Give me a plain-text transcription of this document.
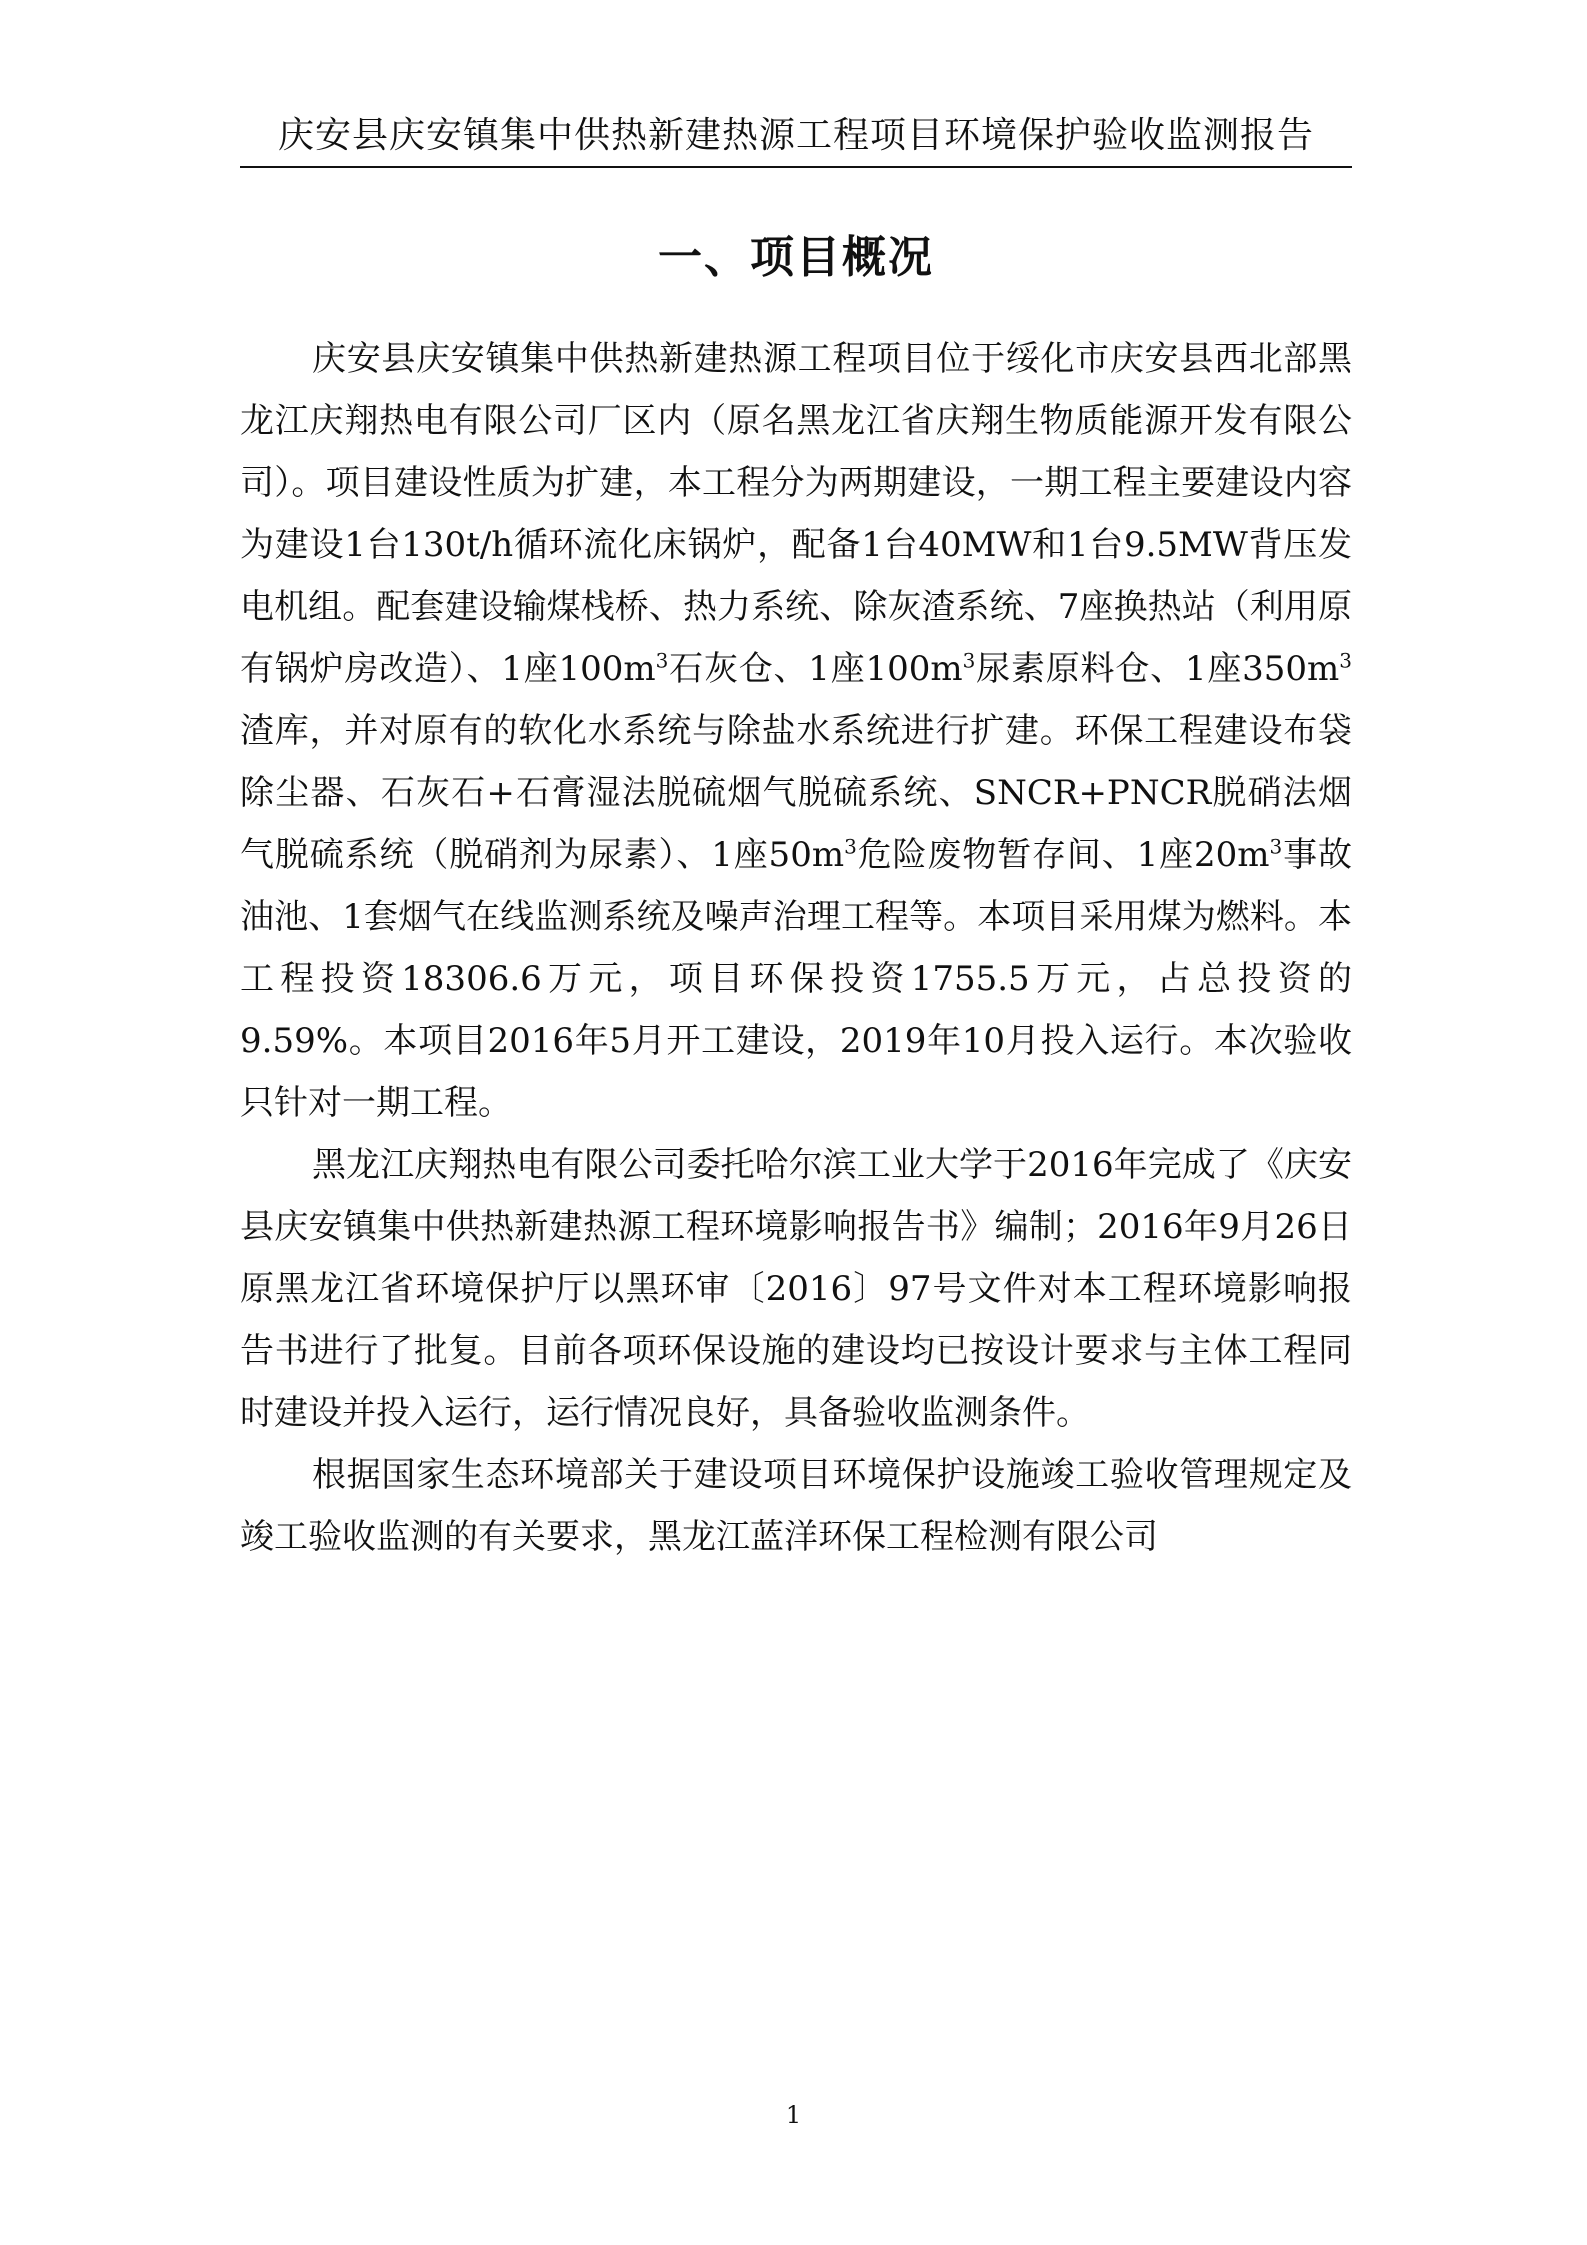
庆安县庆安镇集中供热新建热源工程项目环境保护验收监测报告
一、项目概况

庆安县庆安镇集中供热新建热源工程项目位于绥化市庆安县西北部黑龙江庆翔热电有限公司厂区内（原名黑龙江省庆翔生物质能源开发有限公司）。项目建设性质为扩建，本工程分为两期建设，一期工程主要建设内容为建设1台130t/h循环流化床锅炉，配备1台40MW和1台9.5MW背压发电机组。配套建设输煤栈桥、热力系统、除灰渣系统、7座换热站（利用原有锅炉房改造）、1座$100m^3$石灰仓、1座$100m^3$尿素原料仓、1座$350m^3$渣库，并对原有的软化水系统与除盐水系统进行扩建。环保工程建设布袋除尘器、石灰石+石膏湿法脱硫烟气脱硫系统、SNCR+PNCR脱硝法烟气脱硫系统（脱硝剂为尿素）、1座$50m^3$危险废物暂存间、1座$20m^3$事故油池、1套烟气在线监测系统及噪声治理工程等。本项目采用煤为燃料。本工程投资18306.6万元，项目环保投资1755.5万元，占总投资的9.59%。本项目2016年5月开工建设，2019年10月投入运行。本次验收只针对一期工程。

黑龙江庆翔热电有限公司委托哈尔滨工业大学于2016年完成了《庆安县庆安镇集中供热新建热源工程环境影响报告书》编制；2016年9月26日原黑龙江省环境保护厅以黑环审〔2016〕97号文件对本工程环境影响报告书进行了批复。目前各项环保设施的建设均已按设计要求与主体工程同时建设并投入运行，运行情况良好，具备验收监测条件。

根据国家生态环境部关于建设项目环境保护设施竣工验收管理规定及竣工验收监测的有关要求，黑龙江蓝洋环保工程检测有限公司

1
